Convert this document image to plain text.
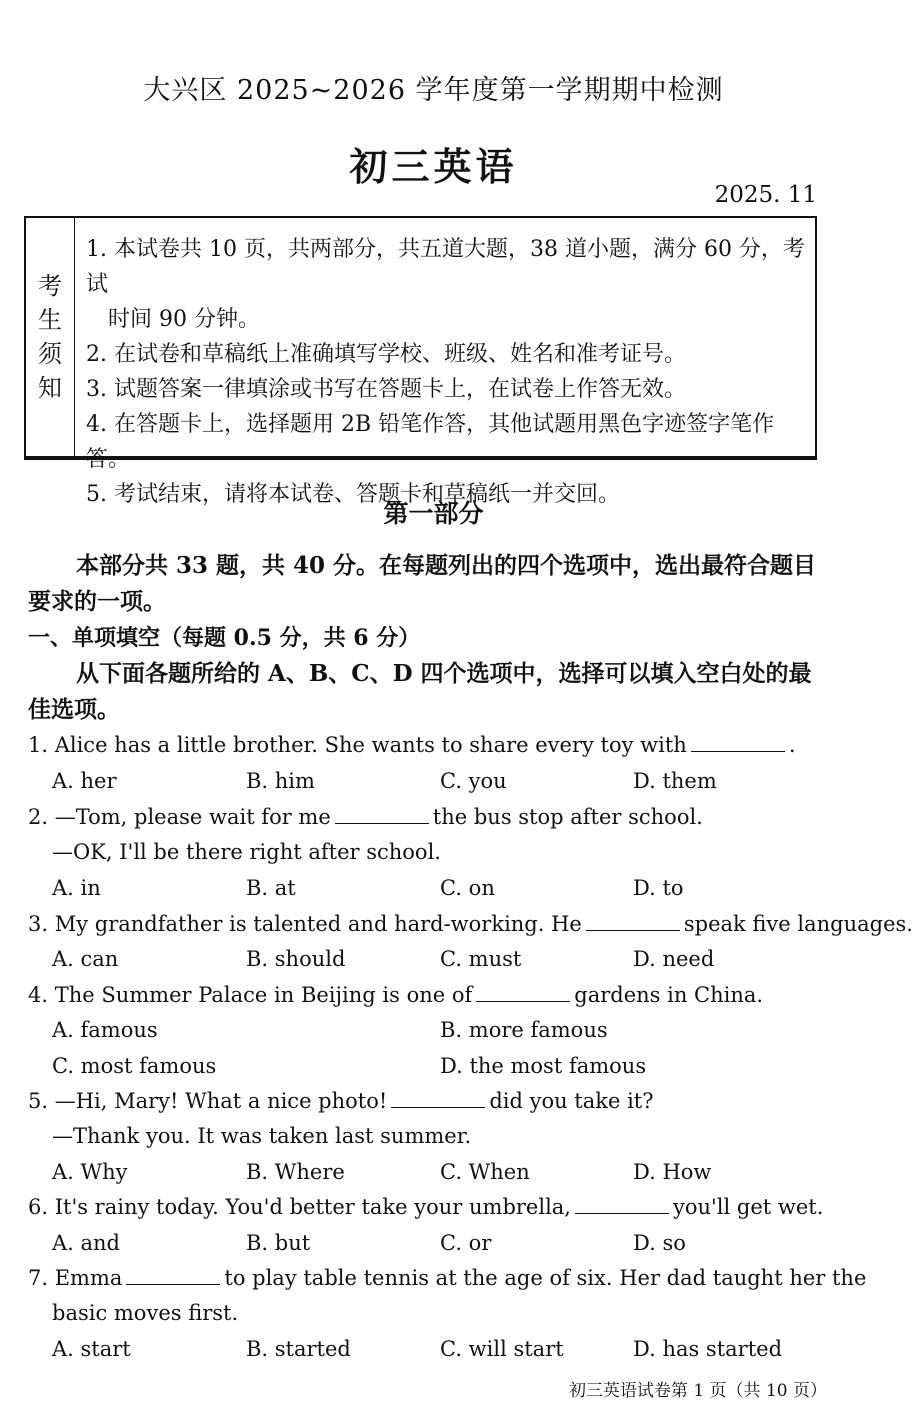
大兴区 2025~2026 学年度第一学期期中检测
初三英语
2025. 11
考
生
须
知
1. 本试卷共 10 页，共两部分，共五道大题，38 道小题，满分 60 分，考试
时间 90 分钟。
2. 在试卷和草稿纸上准确填写学校、班级、姓名和准考证号。
3. 试题答案一律填涂或书写在答题卡上，在试卷上作答无效。
4. 在答题卡上，选择题用 2B 铅笔作答，其他试题用黑色字迹签字笔作答。
5. 考试结束，请将本试卷、答题卡和草稿纸一并交回。
第一部分
本部分共 33 题，共 40 分。在每题列出的四个选项中，选出最符合题目要求的一项。
一、单项填空（每题 0.5 分，共 6 分）
从下面各题所给的 A、B、C、D 四个选项中，选择可以填入空白处的最佳选项。
1. Alice has a little brother. She wants to share every toy with	.
A. her	B. him	C. you	D. them
2. —Tom, please wait for me	the bus stop after school.
—OK, I'll be there right after school.
A. in	B. at	C. on	D. to
3. My grandfather is talented and hard-working. He	speak five languages.
A. can	B. should	C. must	D. need
4. The Summer Palace in Beijing is one of	gardens in China.
A. famous	B. more famous
C. most famous	D. the most famous
5. —Hi, Mary! What a nice photo!	did you take it?
—Thank you. It was taken last summer.
A. Why	B. Where	C. When	D. How
6. It's rainy today. You'd better take your umbrella,	you'll get wet.
A. and	B. but	C. or	D. so
7. Emma	to play table tennis at the age of six. Her dad taught her the
basic moves first.
A. start	B. started	C. will start	D. has started
初三英语试卷第 1 页（共 10 页）
